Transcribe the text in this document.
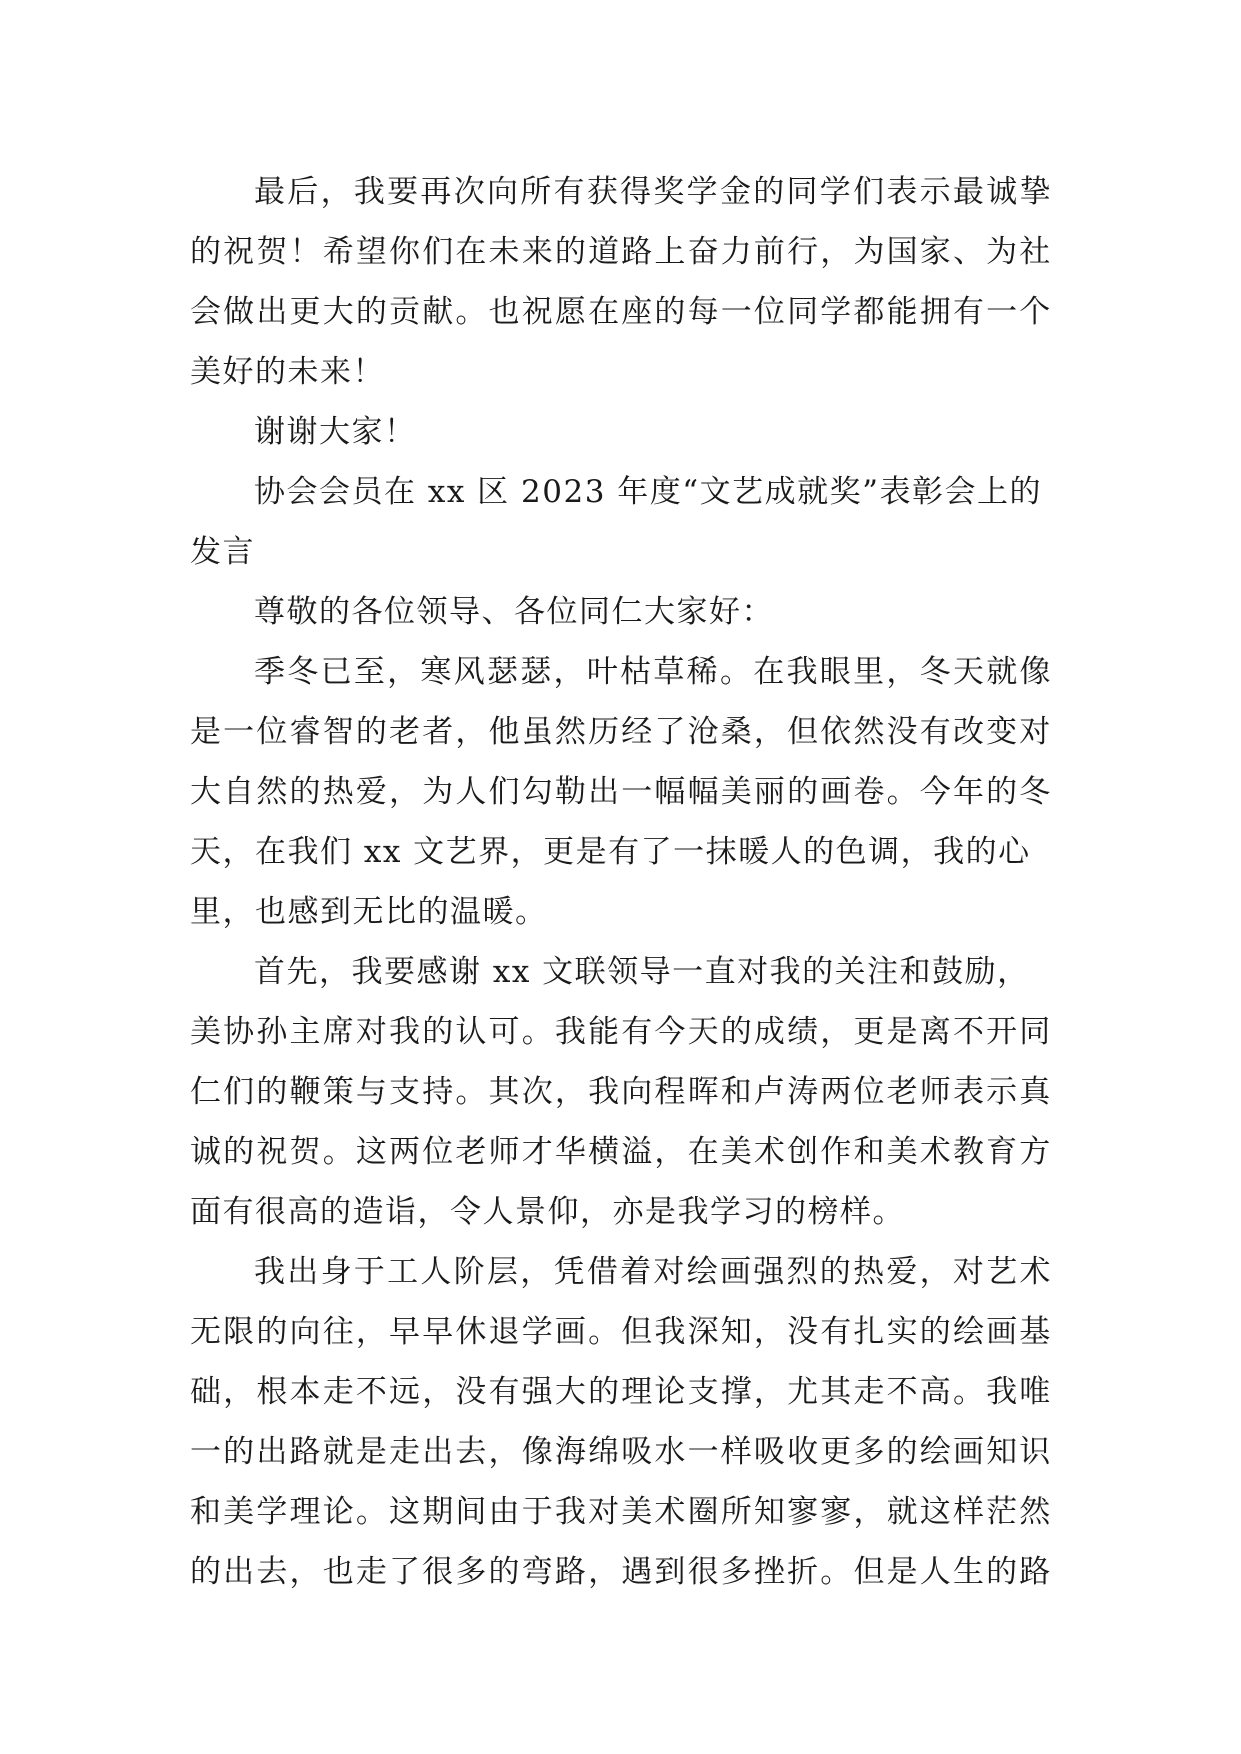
最 后 ， 我 要 再 次 向 所 有 获 得 奖 学 金 的 同 学 们 表 示 最 诚 挚
的 祝 贺 ！ 希 望 你 们 在 未 来 的 道 路 上 奋 力 前 行 ， 为 国 家 、 为 社
会 做 出 更 大 的 贡 献 。 也 祝 愿 在 座 的 每 一 位 同 学 都 能 拥 有 一 个
美好的未来！
谢谢大家！
协会会员在 xx 区 2023 年度“文艺成就奖”表彰会上的
发言
尊敬的各位领导、各位同仁大家好：
季 冬 已 至 ， 寒 风 瑟 瑟 ， 叶 枯 草 稀 。 在 我 眼 里 ， 冬 天 就 像
是 一 位 睿 智 的 老 者 ， 他 虽 然 历 经 了 沧 桑 ， 但 依 然 没 有 改 变 对
大 自 然 的 热 爱 ， 为 人 们 勾 勒 出 一 幅 幅 美 丽 的 画 卷 。 今 年 的 冬
天，在我们 xx 文艺界，更是有了一抹暖人的色调，我的心
里，也感到无比的温暖。
首先，我要感谢 xx 文联领导一直对我的关注和鼓励，
美 协 孙 主 席 对 我 的 认 可 。 我 能 有 今 天 的 成 绩 ， 更 是 离 不 开 同
仁 们 的 鞭 策 与 支 持 。 其 次 ， 我 向 程 晖 和 卢 涛 两 位 老 师 表 示 真
诚 的 祝 贺 。 这 两 位 老 师 才 华 横 溢 ， 在 美 术 创 作 和 美 术 教 育 方
面有很高的造诣，令人景仰，亦是我学习的榜样。
我 出 身 于 工 人 阶 层 ， 凭 借 着 对 绘 画 强 烈 的 热 爱 ， 对 艺 术
无 限 的 向 往 ， 早 早 休 退 学 画 。 但 我 深 知 ， 没 有 扎 实 的 绘 画 基
础 ， 根 本 走 不 远 ， 没 有 强 大 的 理 论 支 撑 ， 尤 其 走 不 高 。 我 唯
一 的 出 路 就 是 走 出 去 ， 像 海 绵 吸 水 一 样 吸 收 更 多 的 绘 画 知 识
和 美 学 理 论 。 这 期 间 由 于 我 对 美 术 圈 所 知 寥 寥 ， 就 这 样 茫 然
的 出 去 ， 也 走 了 很 多 的 弯 路 ， 遇 到 很 多 挫 折 。 但 是 人 生 的 路
